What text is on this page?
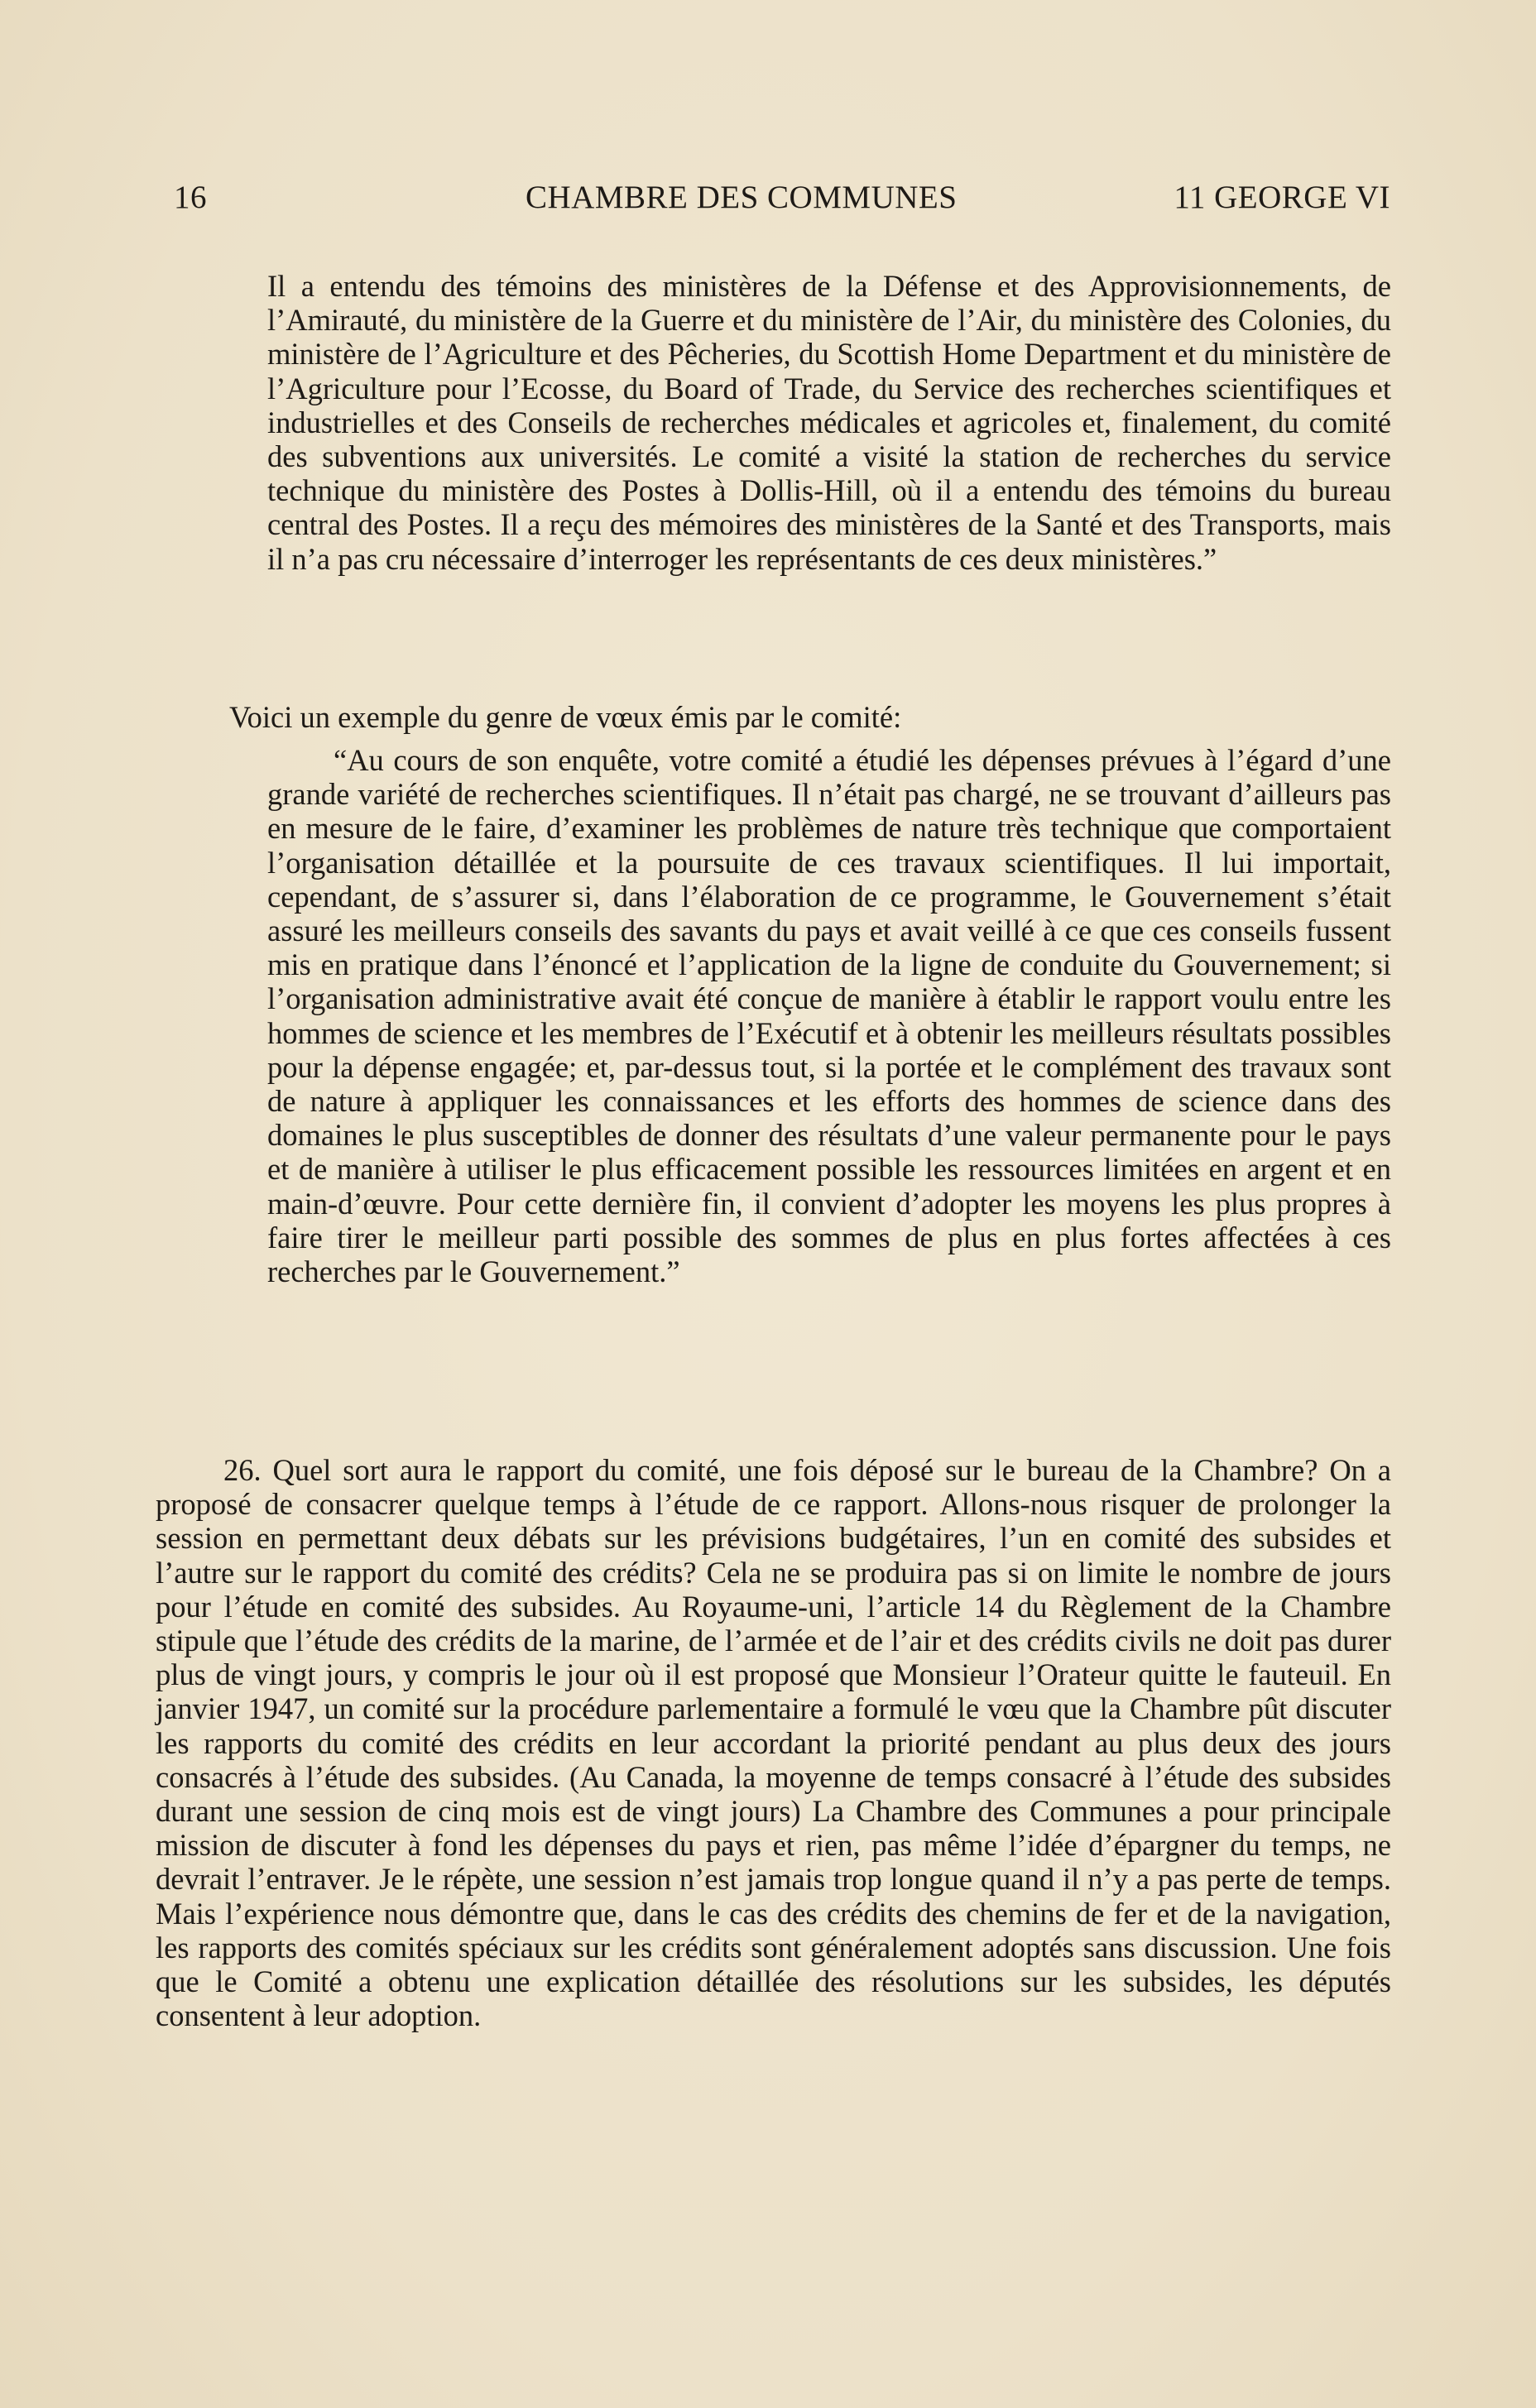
16	CHAMBRE DES COMMUNES	11 GEORGE VI

Il a entendu des témoins des ministères de la Défense et des Approvisionnements, de l’Amirauté, du ministère de la Guerre et du ministère de l’Air, du ministère des Colonies, du ministère de l’Agriculture et des Pêcheries, du Scottish Home Department et du ministère de l’Agriculture pour l’Ecosse, du Board of Trade, du Service des recherches scientifiques et industrielles et des Conseils de recherches médicales et agricoles et, finalement, du comité des subventions aux universités. Le comité a visité la station de recherches du service technique du ministère des Postes à Dollis-Hill, où il a entendu des témoins du bureau central des Postes. Il a reçu des mémoires des ministères de la Santé et des Transports, mais il n’a pas cru nécessaire d’interroger les représentants de ces deux ministères.”

Voici un exemple du genre de vœux émis par le comité:

“Au cours de son enquête, votre comité a étudié les dépenses prévues à l’égard d’une grande variété de recherches scientifiques. Il n’était pas chargé, ne se trouvant d’ailleurs pas en mesure de le faire, d’examiner les problèmes de nature très technique que comportaient l’organisation détaillée et la poursuite de ces travaux scientifiques. Il lui importait, cependant, de s’assurer si, dans l’élaboration de ce programme, le Gouvernement s’était assuré les meilleurs conseils des savants du pays et avait veillé à ce que ces conseils fussent mis en pratique dans l’énoncé et l’application de la ligne de conduite du Gouvernement; si l’organisation administrative avait été conçue de manière à établir le rapport voulu entre les hommes de science et les membres de l’Exécutif et à obtenir les meilleurs résultats possibles pour la dépense engagée; et, par-dessus tout, si la portée et le complément des travaux sont de nature à appliquer les connaissances et les efforts des hommes de science dans des domaines le plus susceptibles de donner des résultats d’une valeur permanente pour le pays et de manière à utiliser le plus efficacement possible les ressources limitées en argent et en main-d’œuvre. Pour cette dernière fin, il convient d’adopter les moyens les plus propres à faire tirer le meilleur parti possible des sommes de plus en plus fortes affectées à ces recherches par le Gouvernement.”

26. Quel sort aura le rapport du comité, une fois déposé sur le bureau de la Chambre? On a proposé de consacrer quelque temps à l’étude de ce rapport. Allons-nous risquer de prolonger la session en permettant deux débats sur les prévisions budgétaires, l’un en comité des subsides et l’autre sur le rapport du comité des crédits? Cela ne se produira pas si on limite le nombre de jours pour l’étude en comité des subsides. Au Royaume-uni, l’article 14 du Règlement de la Chambre stipule que l’étude des crédits de la marine, de l’armée et de l’air et des crédits civils ne doit pas durer plus de vingt jours, y compris le jour où il est proposé que Monsieur l’Orateur quitte le fauteuil. En janvier 1947, un comité sur la procédure parlementaire a formulé le vœu que la Chambre pût discuter les rapports du comité des crédits en leur accordant la priorité pendant au plus deux des jours consacrés à l’étude des subsides. (Au Canada, la moyenne de temps consacré à l’étude des subsides durant une session de cinq mois est de vingt jours) La Chambre des Communes a pour principale mission de discuter à fond les dépenses du pays et rien, pas même l’idée d’épargner du temps, ne devrait l’entraver. Je le répète, une session n’est jamais trop longue quand il n’y a pas perte de temps. Mais l’expérience nous démontre que, dans le cas des crédits des chemins de fer et de la navigation, les rapports des comités spéciaux sur les crédits sont généralement adoptés sans discussion. Une fois que le Comité a obtenu une explication détaillée des résolutions sur les subsides, les députés consentent à leur adoption.
